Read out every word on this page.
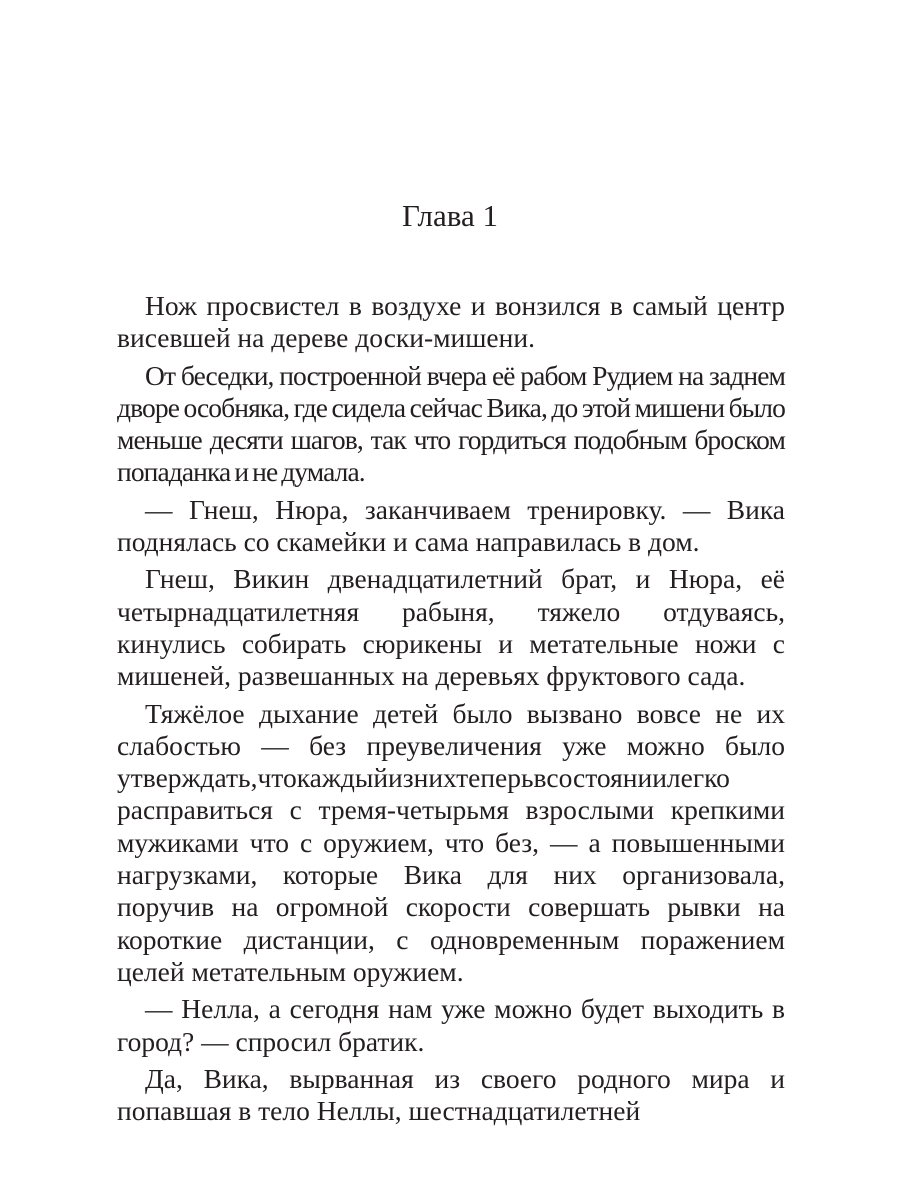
Глава 1

Нож просвистел в воздухе и вонзился в самый центр висевшей на дереве доски-мишени.

От беседки, построенной вчера её рабом Рудием на заднем дворе особняка, где сидела сейчас Вика, до этой мишени было меньше десяти шагов, так что гордиться подобным броском попаданка и не думала.

— Гнеш, Нюра, заканчиваем тренировку. — Вика поднялась со скамейки и сама направилась в дом.

Гнеш, Викин двенадцатилетний брат, и Нюра, её четырнадцатилетняя рабыня, тяжело отдуваясь, кинулись собирать сюрикены и метательные ножи с мишеней, развешанных на деревьях фруктового сада.

Тяжёлое дыхание детей было вызвано вовсе не их слабостью — без преувеличения уже можно было утверждать,чтокаждыйизнихтеперьвсостояниилегко расправиться с тремя-четырьмя взрослыми крепкими мужиками что с оружием, что без, — а повышенными нагрузками, которые Вика для них организовала, поручив на огромной скорости совершать рывки на короткие дистанции, с одновременным поражением целей метательным оружием.

— Нелла, а сегодня нам уже можно будет выходить в город? — спросил братик.

Да, Вика, вырванная из своего родного мира и попавшая в тело Неллы, шестнадцатилетней
